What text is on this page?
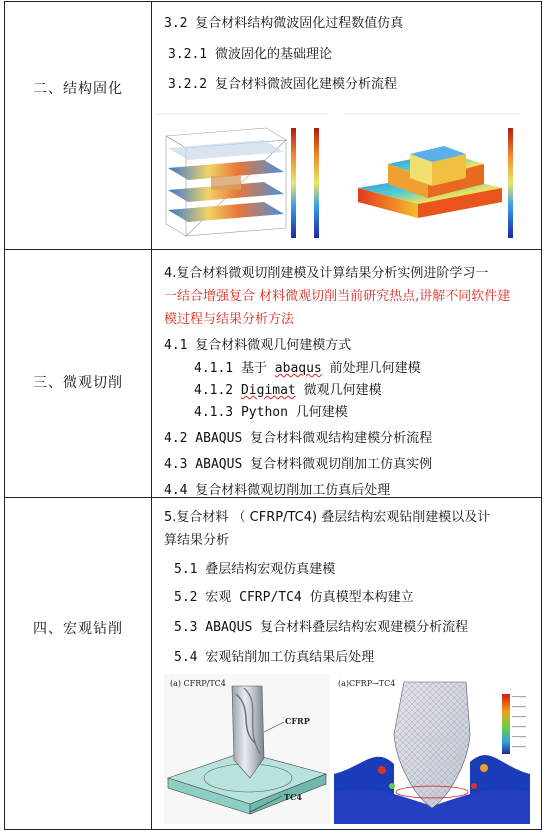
二、结构固化
3.2 复合材料结构微波固化过程数值仿真
3.2.1 微波固化的基础理论
3.2.2 复合材料微波固化建模分析流程
三、微观切削
4.复合材料微观切削建模及计算结果分析实例进阶学习一
一结合增强复合 材料微观切削当前研究热点,讲解不同软件建
模过程与结果分析方法
4.1 复合材料微观几何建模方式
4.1.1 基于 abaqus 前处理几何建模
4.1.2 Digimat 微观几何建模
4.1.3 Python 几何建模
4.2 ABAQUS 复合材料微观结构建模分析流程
4.3 ABAQUS 复合材料微观切削加工仿真实例
4.4 复合材料微观切削加工仿真后处理
四、宏观钻削
5.复合材料 （ CFRP/TC4) 叠层结构宏观钻削建模以及计
算结果分析
5.1 叠层结构宏观仿真建模
5.2 宏观 CFRP/TC4 仿真模型本构建立
5.3 ABAQUS 复合材料叠层结构宏观建模分析流程
5.4 宏观钻削加工仿真结果后处理
(a) CFRP/TC4
CFRP
TC4
(a)CFRP→TC4
